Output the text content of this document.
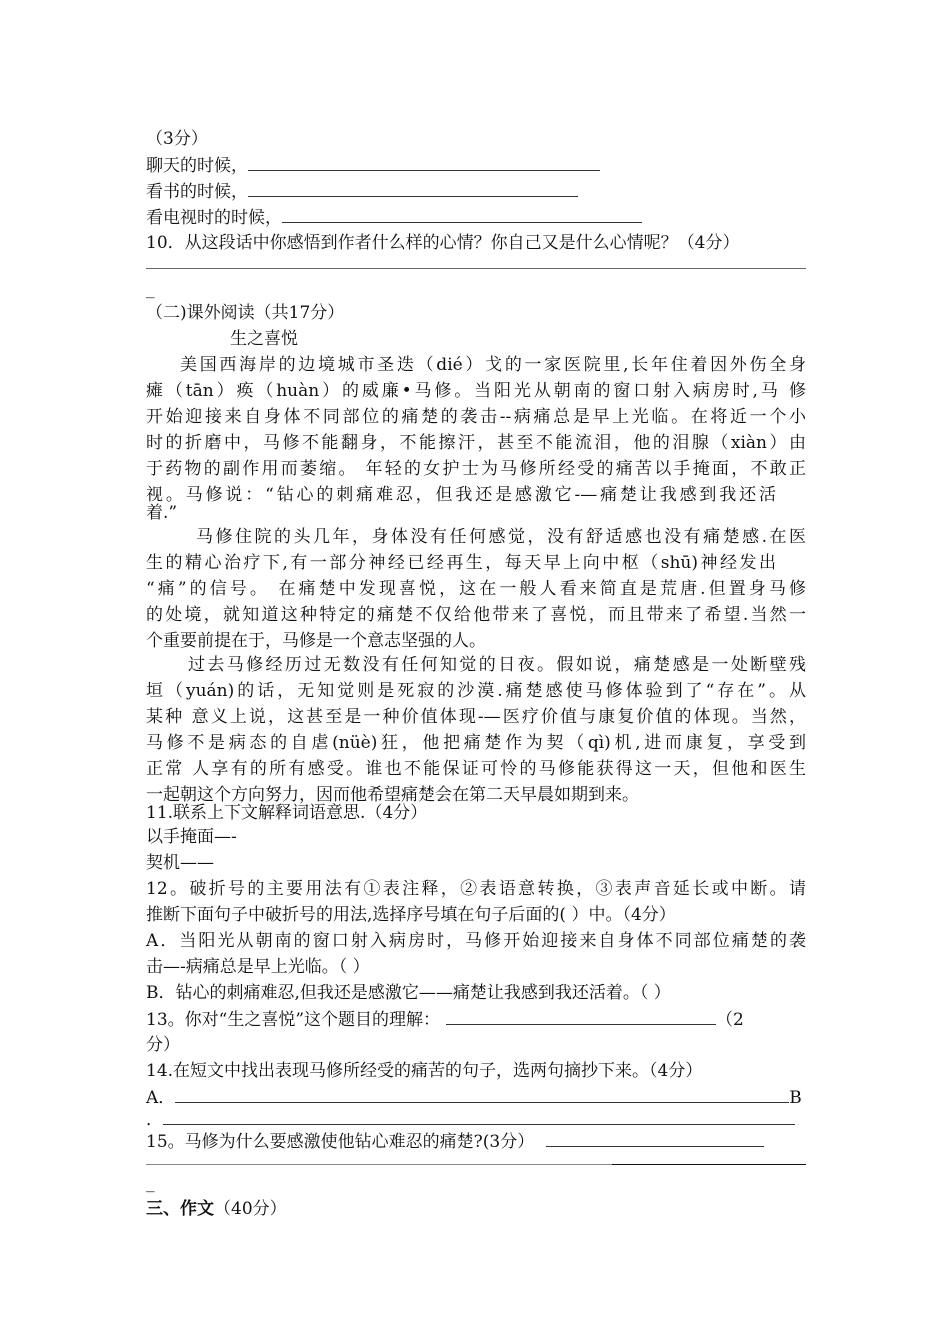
（3分）
聊天的时候，
看书的时候，
看电视时的时候，
10．从这段话中你感悟到作者什么样的心情？你自己又是什么心情呢？（4分）
_
（二)课外阅读（共17分）
生之喜悦
美国西海岸的边境城市圣迭（dié）戈的一家医院里,长年住着因外伤全身
瘫（tān）痪（huàn）的威廉•马修。当阳光从朝南的窗口射入病房时,马 修
开始迎接来自身体不同部位的痛楚的袭击--病痛总是早上光临。在将近一个小
时的折磨中，马修不能翻身，不能擦汗，甚至不能流泪，他的泪腺（xiàn）由
于药物的副作用而萎缩。 年轻的女护士为马修所经受的痛苦以手掩面，不敢正
视。马修说：“钻心的刺痛难忍，但我还是感激它-—痛楚让我感到我还活
着.”
马修住院的头几年，身体没有任何感觉，没有舒适感也没有痛楚感.在医
生的精心治疗下,有一部分神经已经再生，每天早上向中枢（shū)神经发出
“痛”的信号。 在痛楚中发现喜悦，这在一般人看来简直是荒唐.但置身马修
的处境，就知道这种特定的痛楚不仅给他带来了喜悦，而且带来了希望.当然一
个重要前提在于，马修是一个意志坚强的人。
过去马修经历过无数没有任何知觉的日夜。假如说，痛楚感是一处断壁残
垣（yuán)的话，无知觉则是死寂的沙漠.痛楚感使马修体验到了“存在”。从
某种 意义上说，这甚至是一种价值体现-—医疗价值与康复价值的体现。当然，
马修不是病态的自虐(nüè)狂，他把痛楚作为契（qì)机,进而康复，享受到
正常 人享有的所有感受。谁也不能保证可怜的马修能获得这一天，但他和医生
一起朝这个方向努力，因而他希望痛楚会在第二天早晨如期到来。
11.联系上下文解释词语意思.（4分）
以手掩面—-
契机——
12。破折号的主要用法有①表注释，②表语意转换，③表声音延长或中断。请
推断下面句子中破折号的用法,选择序号填在句子后面的( ）中。（4分）
A．当阳光从朝南的窗口射入病房时，马修开始迎接来自身体不同部位痛楚的袭
击—-病痛总是早上光临。（ ）
B．钻心的刺痛难忍,但我还是感激它——痛楚让我感到我还活着。（ ）
13。你对“生之喜悦”这个题目的理解：	（2
分）
14.在短文中找出表现马修所经受的痛苦的句子，选两句摘抄下来。（4分）
A．	B
．
15。马修为什么要感激使他钻心难忍的痛楚?(3分）
_
三、作文（40分）
